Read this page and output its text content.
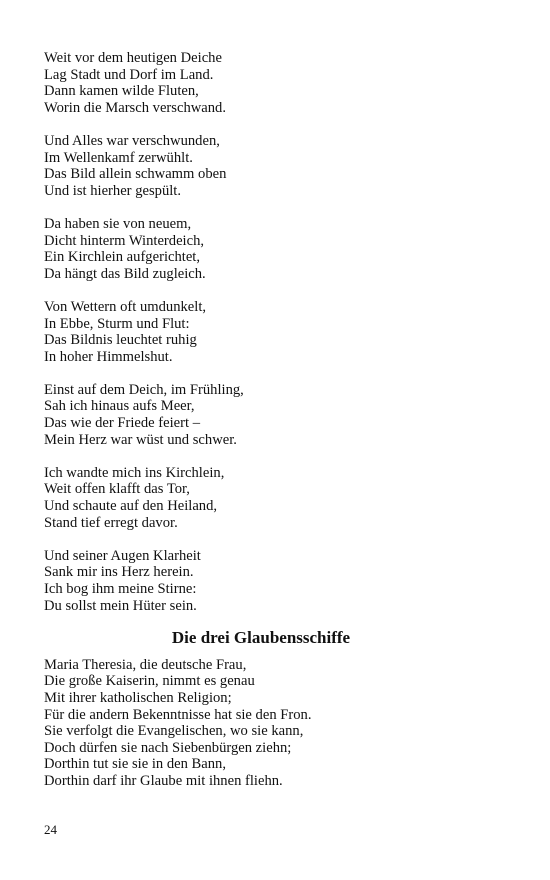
Weit vor dem heutigen Deiche
Lag Stadt und Dorf im Land.
Dann kamen wilde Fluten,
Worin die Marsch verschwand.
Und Alles war verschwunden,
Im Wellenkamf zerwühlt.
Das Bild allein schwamm oben
Und ist hierher gespült.
Da haben sie von neuem,
Dicht hinterm Winterdeich,
Ein Kirchlein aufgerichtet,
Da hängt das Bild zugleich.
Von Wettern oft umdunkelt,
In Ebbe, Sturm und Flut:
Das Bildnis leuchtet ruhig
In hoher Himmelshut.
Einst auf dem Deich, im Frühling,
Sah ich hinaus aufs Meer,
Das wie der Friede feiert –
Mein Herz war wüst und schwer.
Ich wandte mich ins Kirchlein,
Weit offen klafft das Tor,
Und schaute auf den Heiland,
Stand tief erregt davor.
Und seiner Augen Klarheit
Sank mir ins Herz herein.
Ich bog ihm meine Stirne:
Du sollst mein Hüter sein.
Die drei Glaubensschiffe
Maria Theresia, die deutsche Frau,
Die große Kaiserin, nimmt es genau
Mit ihrer katholischen Religion;
Für die andern Bekenntnisse hat sie den Fron.
Sie verfolgt die Evangelischen, wo sie kann,
Doch dürfen sie nach Siebenbürgen ziehn;
Dorthin tut sie sie in den Bann,
Dorthin darf ihr Glaube mit ihnen fliehn.
24
